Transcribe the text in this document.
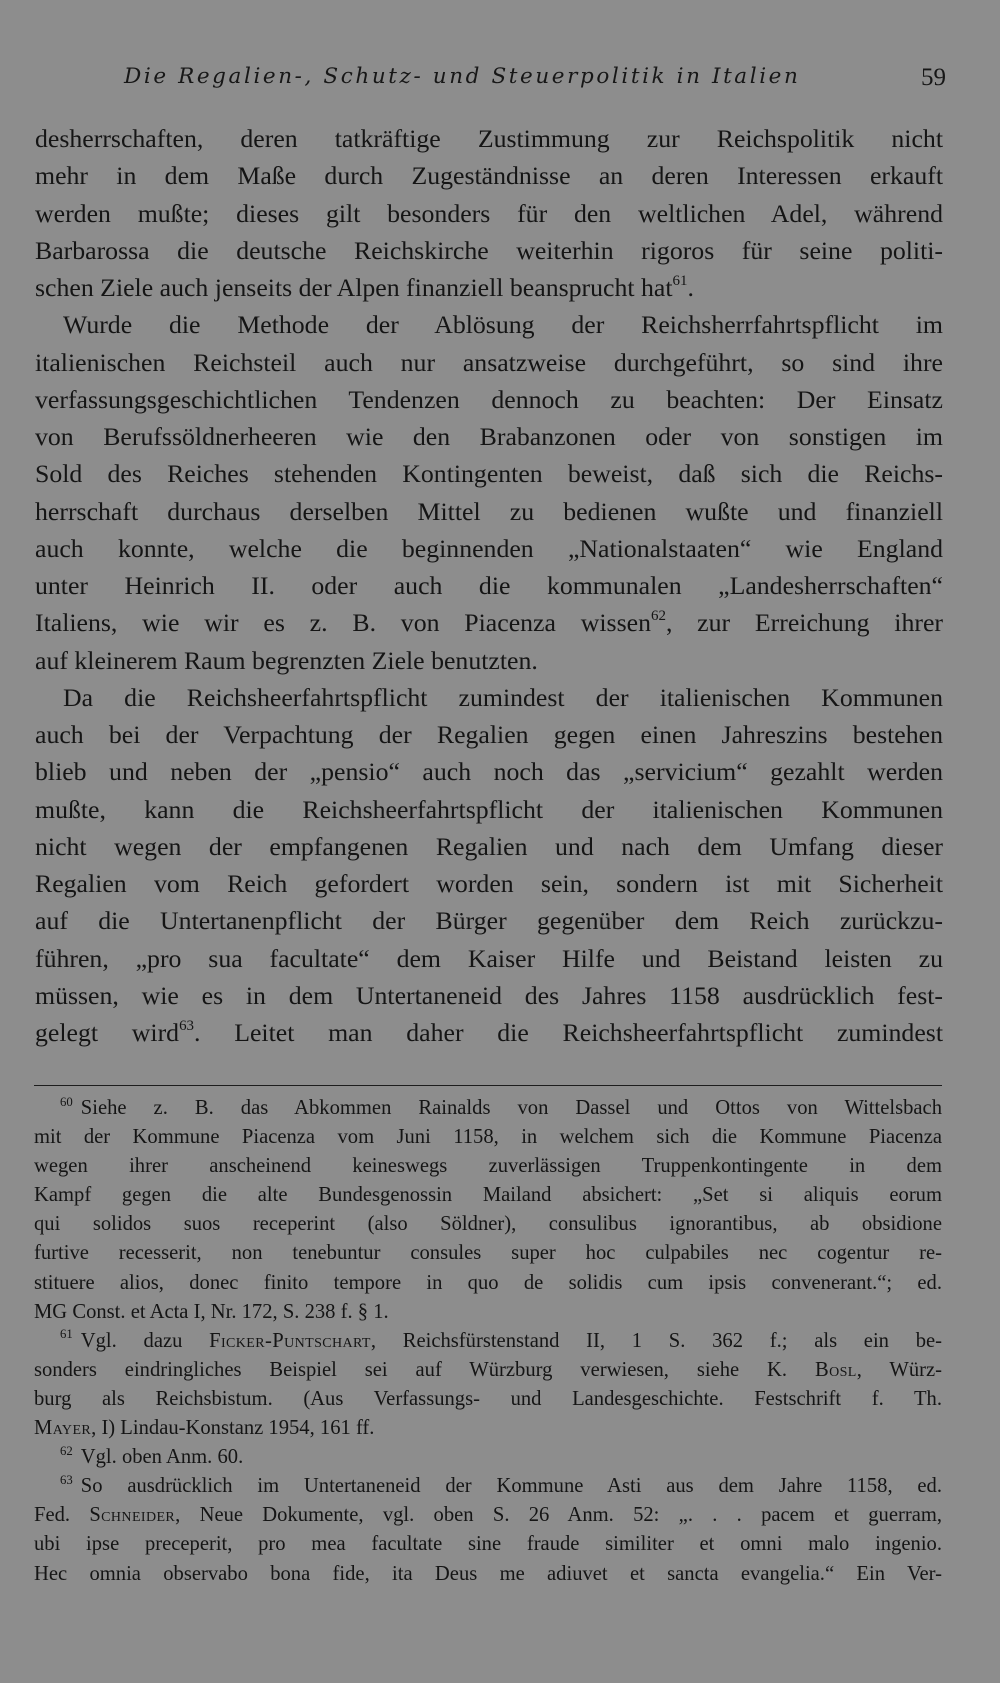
Die Regalien-, Schutz- und Steuerpolitik in Italien	59

desherrschaften, deren tatkräftige Zustimmung zur Reichspolitik nicht
mehr in dem Maße durch Zugeständnisse an deren Interessen erkauft
werden mußte; dieses gilt besonders für den weltlichen Adel, während
Barbarossa die deutsche Reichskirche weiterhin rigoros für seine politi-
schen Ziele auch jenseits der Alpen finanziell beansprucht hat$^{61}$.

Wurde die Methode der Ablösung der Reichsherrfahrtspflicht im
italienischen Reichsteil auch nur ansatzweise durchgeführt, so sind ihre
verfassungsgeschichtlichen Tendenzen dennoch zu beachten: Der Einsatz
von Berufssöldnerheeren wie den Brabanzonen oder von sonstigen im
Sold des Reiches stehenden Kontingenten beweist, daß sich die Reichs-
herrschaft durchaus derselben Mittel zu bedienen wußte und finanziell
auch konnte, welche die beginnenden „Nationalstaaten“ wie England
unter Heinrich II. oder auch die kommunalen „Landesherrschaften“
Italiens, wie wir es z. B. von Piacenza wissen$^{62}$, zur Erreichung ihrer
auf kleinerem Raum begrenzten Ziele benutzten.

Da die Reichsheerfahrtspflicht zumindest der italienischen Kommunen
auch bei der Verpachtung der Regalien gegen einen Jahreszins bestehen
blieb und neben der „pensio“ auch noch das „servicium“ gezahlt werden
mußte, kann die Reichsheerfahrtspflicht der italienischen Kommunen
nicht wegen der empfangenen Regalien und nach dem Umfang dieser
Regalien vom Reich gefordert worden sein, sondern ist mit Sicherheit
auf die Untertanenpflicht der Bürger gegenüber dem Reich zurückzu-
führen, „pro sua facultate“ dem Kaiser Hilfe und Beistand leisten zu
müssen, wie es in dem Untertaneneid des Jahres 1158 ausdrücklich fest-
gelegt wird$^{63}$. Leitet man daher die Reichsheerfahrtspflicht zumindest

$^{60}$ Siehe z. B. das Abkommen Rainalds von Dassel und Ottos von Wittelsbach
mit der Kommune Piacenza vom Juni 1158, in welchem sich die Kommune Piacenza
wegen ihrer anscheinend keineswegs zuverlässigen Truppenkontingente in dem
Kampf gegen die alte Bundesgenossin Mailand absichert: „Set si aliquis eorum
qui solidos suos receperint (also Söldner), consulibus ignorantibus, ab obsidione
furtive recesserit, non tenebuntur consules super hoc culpabiles nec cogentur re-
stituere alios, donec finito tempore in quo de solidis cum ipsis convenerant.“; ed.
MG Const. et Acta I, Nr. 172, S. 238 f. § 1.
$^{61}$ Vgl. dazu Ficker-Puntschart, Reichsfürstenstand II, 1 S. 362 f.; als ein be-
sonders eindringliches Beispiel sei auf Würzburg verwiesen, siehe K. Bosl, Würz-
burg als Reichsbistum. (Aus Verfassungs- und Landesgeschichte. Festschrift f. Th.
Mayer, I) Lindau-Konstanz 1954, 161 ff.
$^{62}$ Vgl. oben Anm. 60.
$^{63}$ So ausdrücklich im Untertaneneid der Kommune Asti aus dem Jahre 1158, ed.
Fed. Schneider, Neue Dokumente, vgl. oben S. 26 Anm. 52: „. . . pacem et guerram,
ubi ipse preceperit, pro mea facultate sine fraude similiter et omni malo ingenio.
Hec omnia observabo bona fide, ita Deus me adiuvet et sancta evangelia.“ Ein Ver-
